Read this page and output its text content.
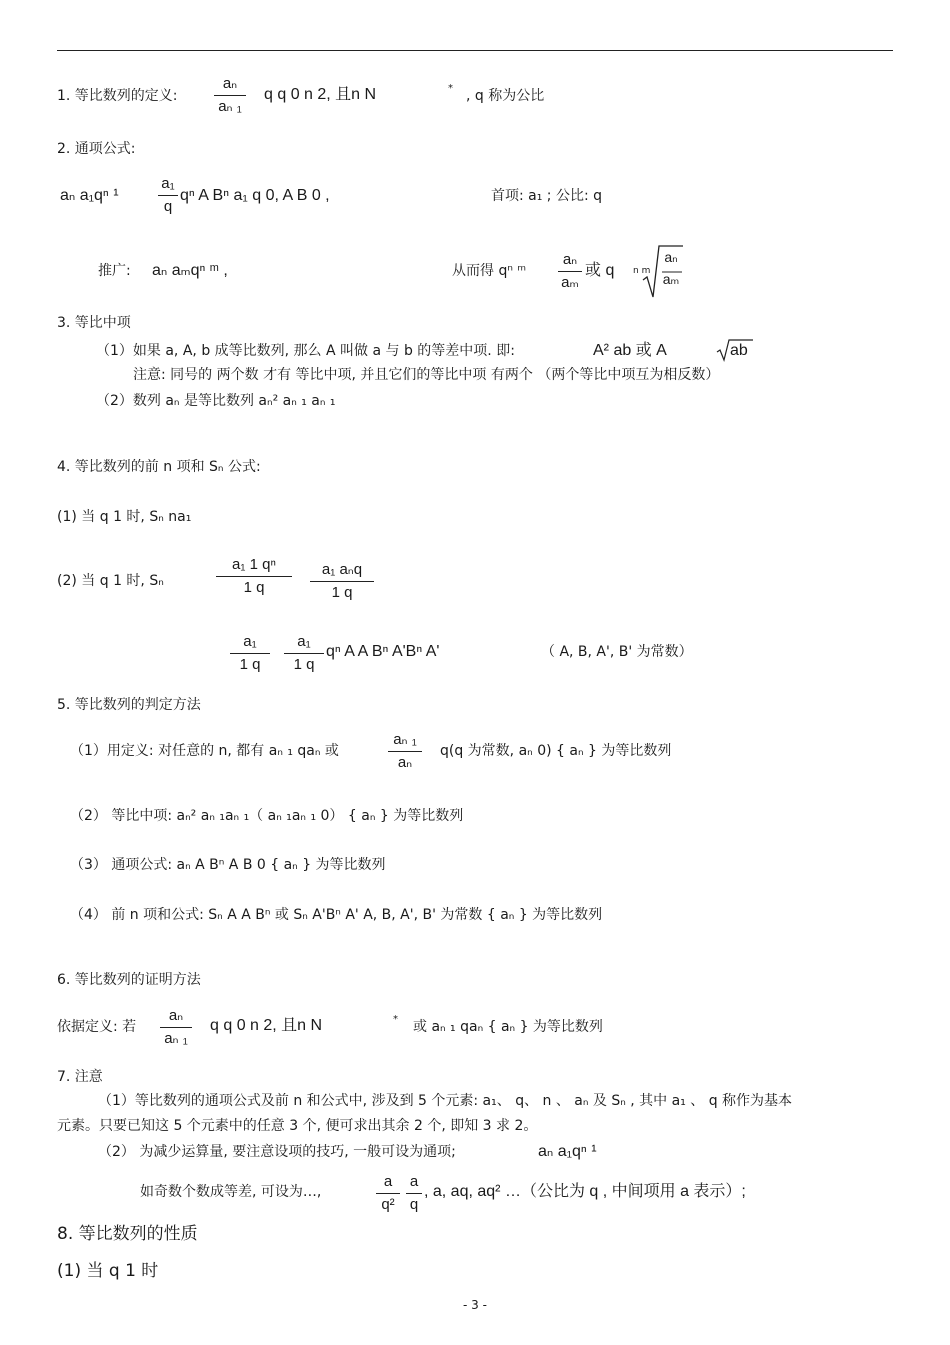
1. 等比数列的定义:
aₙ
aₙ ₁
q q 0 n 2, 且n N	* , q 称为公比
2. 通项公式:
aₙ a₁qⁿ ¹
a₁
q
qⁿ A Bⁿ a₁ q 0, A B 0 ,	首项: a₁ ; 公比: q
推广: aₙ aₘqⁿ ᵐ ,	从而得 qⁿ ᵐ
aₙ
aₘ
或 q n m
aₙ
aₘ
3. 等比中项
（1）如果 a, A, b 成等比数列, 那么 A 叫做 a 与 b 的等差中项. 即:	A² ab 或 A	ab
注意: 同号的 两个数 才有 等比中项, 并且它们的等比中项 有两个 （两个等比中项互为相反数）
（2）数列 aₙ 是等比数列 aₙ² aₙ ₁ aₙ ₁
4. 等比数列的前 n 项和 Sₙ 公式:
(1) 当 q 1 时, Sₙ na₁
(2) 当 q 1 时, Sₙ
a₁ 1 qⁿ
1 q
a₁ aₙq
1 q
a₁
1 q
a₁
1 q
qⁿ A A Bⁿ A'Bⁿ A'	（ A, B, A', B' 为常数）
5. 等比数列的判定方法
（1）用定义: 对任意的 n, 都有 aₙ ₁ qaₙ 或
aₙ ₁
aₙ
q(q 为常数, aₙ 0) { aₙ } 为等比数列
（2） 等比中项: aₙ² aₙ ₁aₙ ₁（ aₙ ₁aₙ ₁ 0） { aₙ } 为等比数列
（3） 通项公式: aₙ A Bⁿ A B 0 { aₙ } 为等比数列
（4） 前 n 项和公式: Sₙ A A Bⁿ 或 Sₙ A'Bⁿ A' A, B, A', B' 为常数 { aₙ } 为等比数列
6. 等比数列的证明方法
依据定义: 若
aₙ
aₙ ₁
q q 0 n 2, 且n N	* 或 aₙ ₁ qaₙ { aₙ } 为等比数列
7. 注意
（1）等比数列的通项公式及前 n 和公式中, 涉及到 5 个元素: a₁、 q、 n 、 aₙ 及 Sₙ , 其中 a₁ 、 q 称作为基本
元素。只要已知这 5 个元素中的任意 3 个, 便可求出其余 2 个, 即知 3 求 2。
（2） 为减少运算量, 要注意设项的技巧, 一般可设为通项;	aₙ a₁qⁿ ¹
如奇数个数成等差, 可设为…,
a
q²
a
q
, a, aq, aq² …（公比为 q , 中间项用 a 表示）;
8. 等比数列的性质
(1) 当 q 1 时
- 3 -
